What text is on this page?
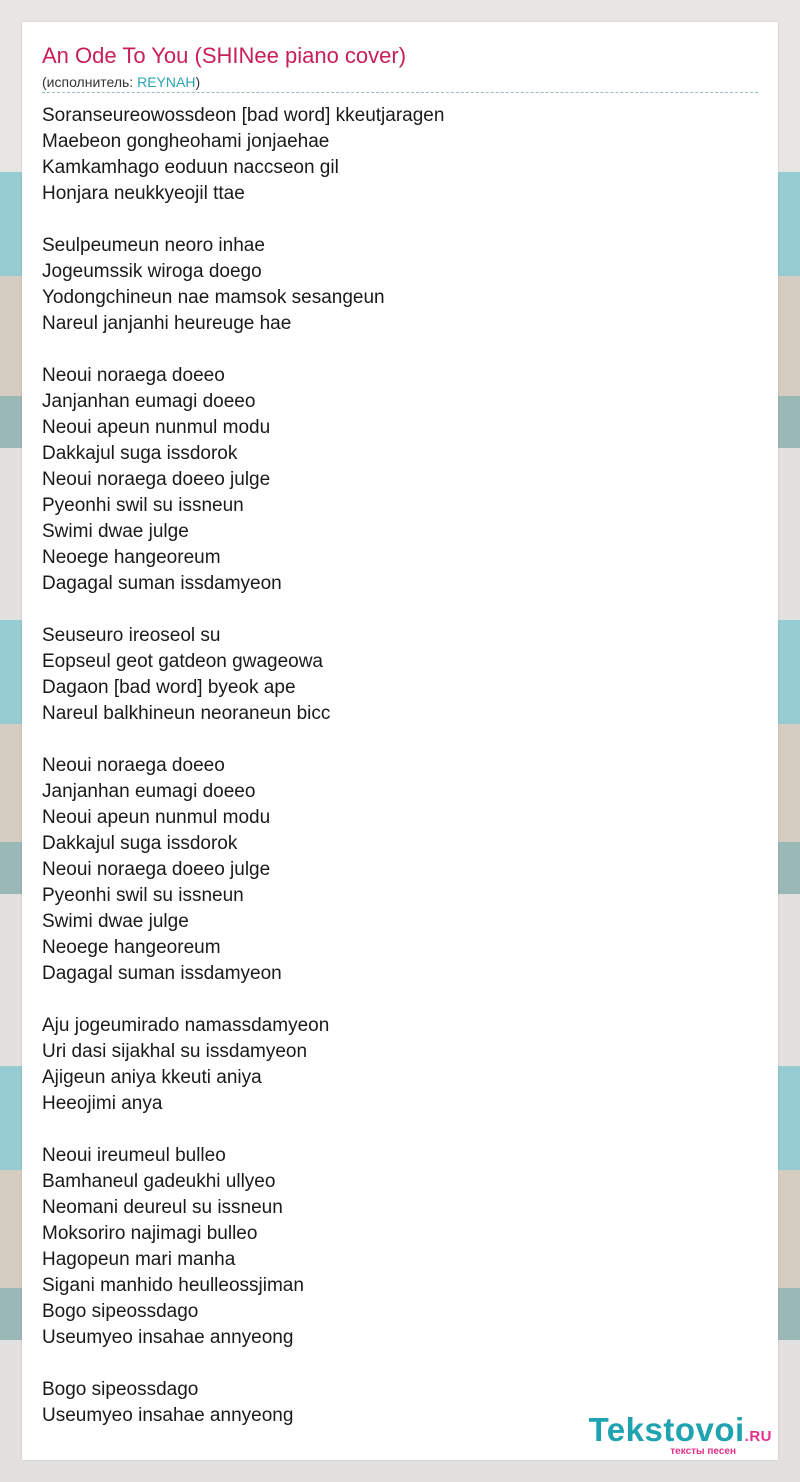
An Ode To You (SHINee piano cover)
(исполнитель: REYNAH)
Soranseureowossdeon [bad word] kkeutjaragen
Maebeon gongheohami jonjaehae
Kamkamhago eoduun naccseon gil
Honjara neukkyeojil ttae
Seulpeumeun neoro inhae
Jogeumssik wiroga doego
Yodongchineun nae mamsok sesangeun
Nareul janjanhi heureuge hae
Neoui noraega doeeo
Janjanhan eumagi doeeo
Neoui apeun nunmul modu
Dakkajul suga issdorok
Neoui noraega doeeo julge
Pyeonhi swil su issneun
Swimi dwae julge
Neoege hangeoreum
Dagagal suman issdamyeon
Seuseuro ireoseol su
Eopseul geot gatdeon gwageowa
Dagaon [bad word] byeok ape
Nareul balkhineun neoraneun bicc
Neoui noraega doeeo
Janjanhan eumagi doeeo
Neoui apeun nunmul modu
Dakkajul suga issdorok
Neoui noraega doeeo julge
Pyeonhi swil su issneun
Swimi dwae julge
Neoege hangeoreum
Dagagal suman issdamyeon
Aju jogeumirado namassdamyeon
Uri dasi sijakhal su issdamyeon
Ajigeun aniya kkeuti aniya
Heeojimi anya
Neoui ireumeul bulleo
Bamhaneul gadeukhi ullyeo
Neomani deureul su issneun
Moksoriro najimagi bulleo
Hagopeun mari manha
Sigani manhido heulleossjiman
Bogo sipeossdago
Useumyeo insahae annyeong
Bogo sipeossdago
Useumyeo insahae annyeong	Tekstovoi.RU
тексты песен
